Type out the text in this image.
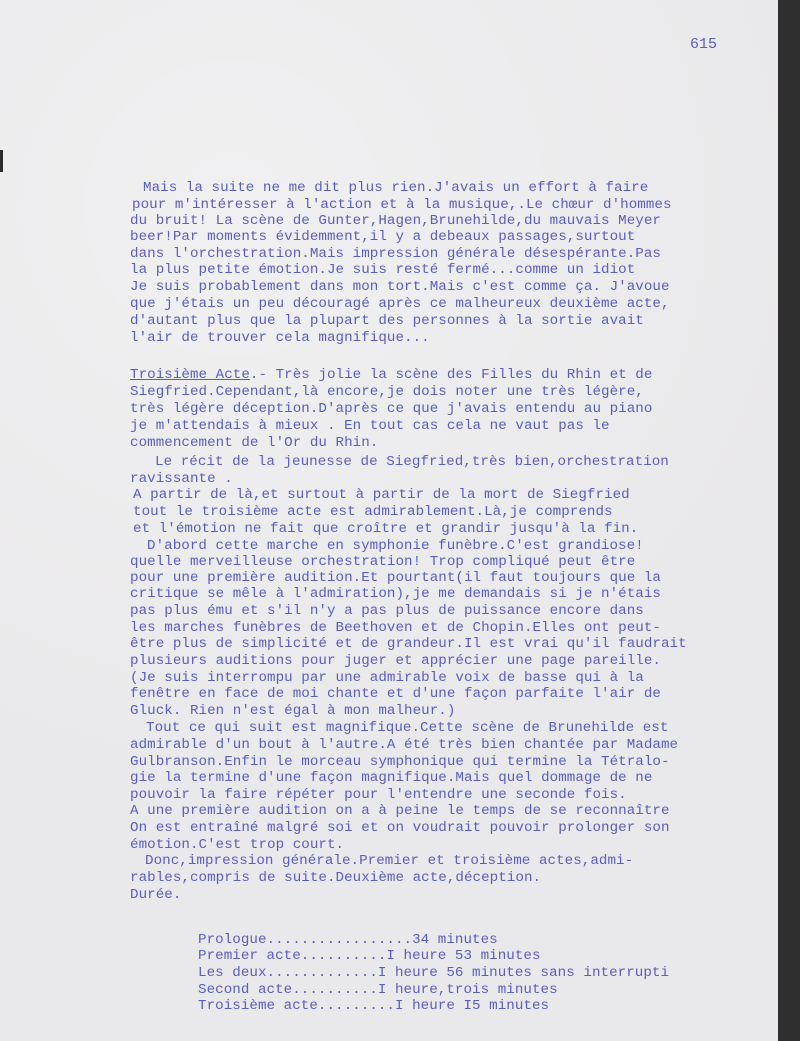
615
Mais la suite ne me dit plus rien.J'avais un effort à faire
pour m'intéresser à l'action et à la musique,.Le chœur d'hommes
du bruit! La scène de Gunter,Hagen,Brunehilde,du mauvais Meyer
beer!Par moments évidemment,il y a debeaux passages,surtout
dans l'orchestration.Mais impression générale désespérante.Pas
la plus petite émotion.Je suis resté fermé...comme un idiot
Je suis probablement dans mon tort.Mais c'est comme ça. J'avoue
que j'étais un peu découragé après ce malheureux deuxième acte,
d'autant plus que la plupart des personnes à la sortie avait
l'air de trouver cela magnifique...
Troisième Acte.- Très jolie la scène des Filles du Rhin et de
Siegfried.Cependant,là encore,je dois noter une très légère,
très légère déception.D'après ce que j'avais entendu au piano
je m'attendais à mieux . En tout cas cela ne vaut pas le
commencement de l'Or du Rhin.
Le récit de la jeunesse de Siegfried,très bien,orchestration
ravissante .
A partir de là,et surtout à partir de la mort de Siegfried
tout le troisième acte est admirablement.Là,je comprends
et l'émotion ne fait que croître et grandir jusqu'à la fin.
D'abord cette marche en symphonie funèbre.C'est grandiose!
quelle merveilleuse orchestration! Trop compliqué peut être
pour une première audition.Et pourtant(il faut toujours que la
critique se mêle à l'admiration),je me demandais si je n'étais
pas plus ému et s'il n'y a pas plus de puissance encore dans
les marches funèbres de Beethoven et de Chopin.Elles ont peut-
être plus de simplicité et de grandeur.Il est vrai qu'il faudrait
plusieurs auditions pour juger et apprécier une page pareille.
(Je suis interrompu par une admirable voix de basse qui à la
fenêtre en face de moi chante et d'une façon parfaite l'air de
Gluck. Rien n'est égal à mon malheur.)
Tout ce qui suit est magnifique.Cette scène de Brunehilde est
admirable d'un bout à l'autre.A été très bien chantée par Madame
Gulbranson.Enfin le morceau symphonique qui termine la Tétralo-
gie la termine d'une façon magnifique.Mais quel dommage de ne
pouvoir la faire répéter pour l'entendre une seconde fois.
A une première audition on a à peine le temps de se reconnaître
On est entraîné malgré soi et on voudrait pouvoir prolonger son
émotion.C'est trop court.
Donc,impression générale.Premier et troisième actes,admi-
rables,compris de suite.Deuxième acte,déception.
Durée.
Prologue.................34 minutes
Premier acte..........I heure 53 minutes
Les deux.............I heure 56 minutes sans interrupti
Second acte..........I heure,trois minutes
Troisième acte.........I heure I5 minutes
